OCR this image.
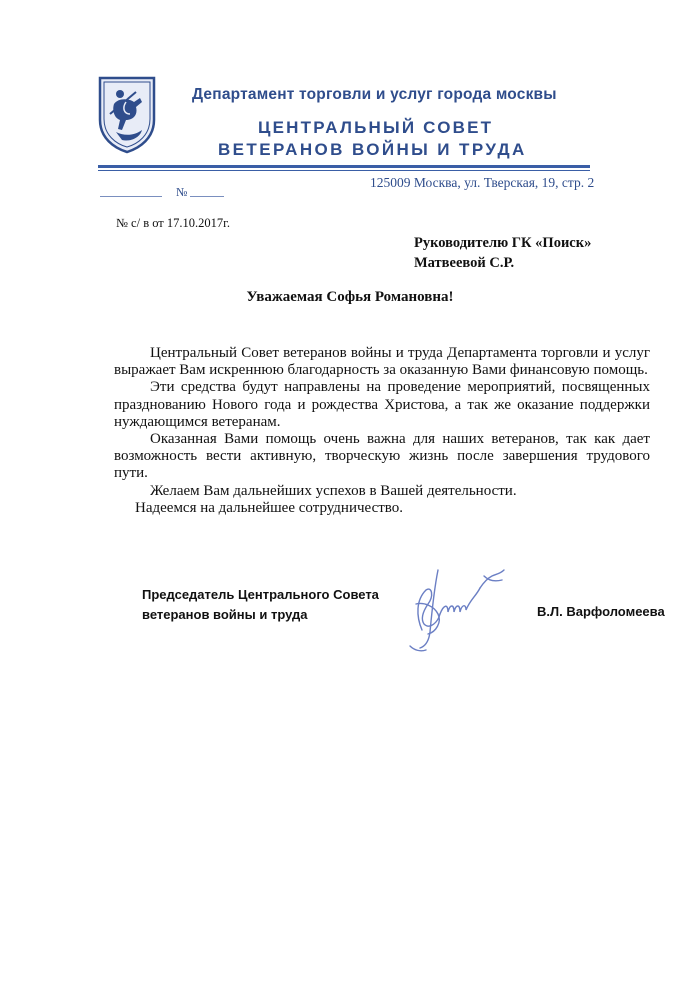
Департамент торговли и услуг города москвы
ЦЕНТРАЛЬНЫЙ СОВЕТ
ВЕТЕРАНОВ ВОЙНЫ И ТРУДА
125009 Москва, ул. Тверская, 19, стр. 2
№
№ с/ в от 17.10.2017г.
Руководителю ГК «Поиск»
Матвеевой С.Р.
Уважаемая Софья Романовна!

Центральный Совет ветеранов войны и труда Департамента торговли и услуг выражает Вам искреннюю благодарность за оказанную Вами финансовую помощь.

Эти средства будут направлены на проведение мероприятий, посвященных празднованию Нового года и рождества Христова, а так же оказание поддержки нуждающимся ветеранам.

Оказанная Вами помощь очень важна для наших ветеранов, так как дает возможность вести активную, творческую жизнь после завершения трудового пути.

Желаем Вам дальнейших успехов в Вашей деятельности.

Надеемся на дальнейшее сотрудничество.

Председатель Центрального Совета
ветеранов войны и труда	В.Л. Варфоломеева
